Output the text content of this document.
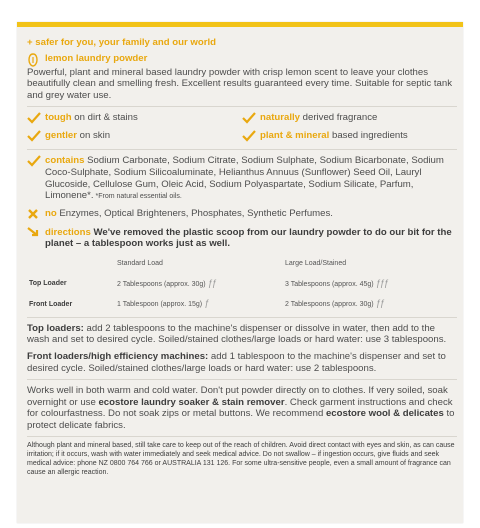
+ safer for you, your family and our world
lemon laundry powder

Powerful, plant and mineral based laundry powder with crisp lemon scent to leave your clothes beautifully clean and smelling fresh. Excellent results guaranteed every time. Suitable for septic tank and grey water use.

tough on dirt & stains
gentler on skin
naturally derived fragrance
plant & mineral based ingredients

contains Sodium Carbonate, Sodium Citrate, Sodium Sulphate, Sodium Bicarbonate, Sodium Coco-Sulphate, Sodium Silicoaluminate, Helianthus Annuus (Sunflower) Seed Oil, Lauryl Glucoside, Cellulose Gum, Oleic Acid, Sodium Polyaspartate, Sodium Silicate, Parfum, Limonene*. *From natural essential oils.

no Enzymes, Optical Brighteners, Phosphates, Synthetic Perfumes.

directions We've removed the plastic scoop from our laundry powder to do our bit for the planet – a tablespoon works just as well.

	Standard Load	Large Load/Stained
Top Loader	2 Tablespoons (approx. 30g) ƒƒ	3 Tablespoons (approx. 45g) ƒƒƒ
Front Loader	1 Tablespoon (approx. 15g) ƒ	2 Tablespoons (approx. 30g) ƒƒ

Top loaders: add 2 tablespoons to the machine's dispenser or dissolve in water, then add to the wash and set to desired cycle. Soiled/stained clothes/large loads or hard water: use 3 tablespoons.

Front loaders/high efficiency machines: add 1 tablespoon to the machine's dispenser and set to desired cycle. Soiled/stained clothes/large loads or hard water: use 2 tablespoons.

Works well in both warm and cold water. Don't put powder directly on to clothes. If very soiled, soak overnight or use ecostore laundry soaker & stain remover. Check garment instructions and check for colourfastness. Do not soak zips or metal buttons. We recommend ecostore wool & delicates to protect delicate fabrics.

Although plant and mineral based, still take care to keep out of the reach of children. Avoid direct contact with eyes and skin, as can cause irritation; if it occurs, wash with water immediately and seek medical advice. Do not swallow – if ingestion occurs, give fluids and seek medical advice: phone NZ 0800 764 766 or AUSTRALIA 131 126. For some ultra-sensitive people, even a small amount of fragrance can cause an allergic reaction.
